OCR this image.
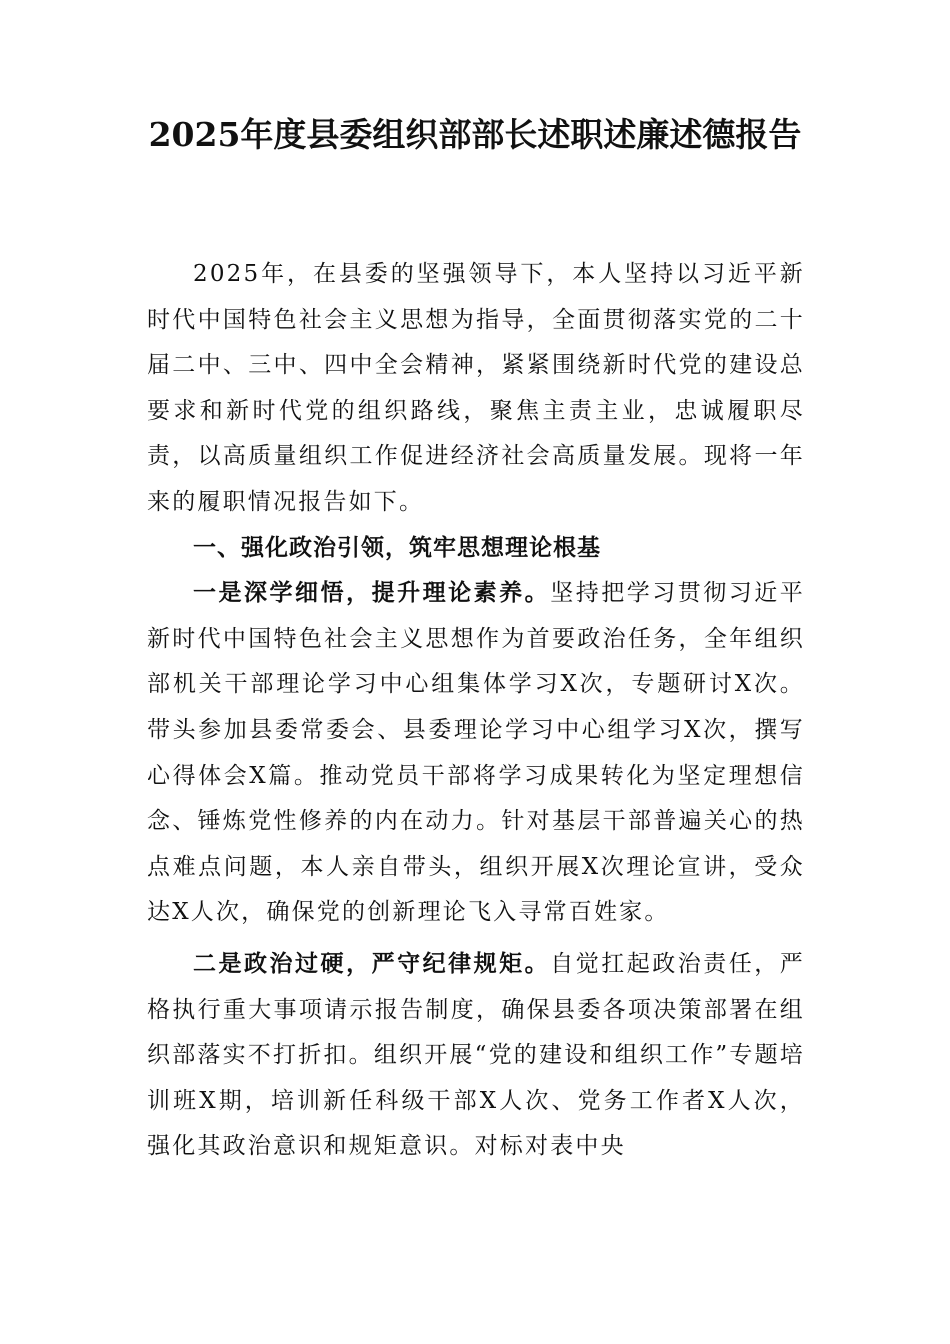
2025年度县委组织部部长述职述廉述德报告

2025年，在县委的坚强领导下，本人坚持以习近平新时代中国特色社会主义思想为指导，全面贯彻落实党的二十届二中、三中、四中全会精神，紧紧围绕新时代党的建设总要求和新时代党的组织路线，聚焦主责主业，忠诚履职尽责，以高质量组织工作促进经济社会高质量发展。现将一年来的履职情况报告如下。

一、强化政治引领，筑牢思想理论根基

一是深学细悟，提升理论素养。坚持把学习贯彻习近平新时代中国特色社会主义思想作为首要政治任务，全年组织部机关干部理论学习中心组集体学习X次，专题研讨X次。带头参加县委常委会、县委理论学习中心组学习X次，撰写心得体会X篇。推动党员干部将学习成果转化为坚定理想信念、锤炼党性修养的内在动力。针对基层干部普遍关心的热点难点问题，本人亲自带头，组织开展X次理论宣讲，受众达X人次，确保党的创新理论飞入寻常百姓家。

二是政治过硬，严守纪律规矩。自觉扛起政治责任，严格执行重大事项请示报告制度，确保县委各项决策部署在组织部落实不打折扣。组织开展“党的建设和组织工作”专题培训班X期，培训新任科级干部X人次、党务工作者X人次，强化其政治意识和规矩意识。对标对表中央
